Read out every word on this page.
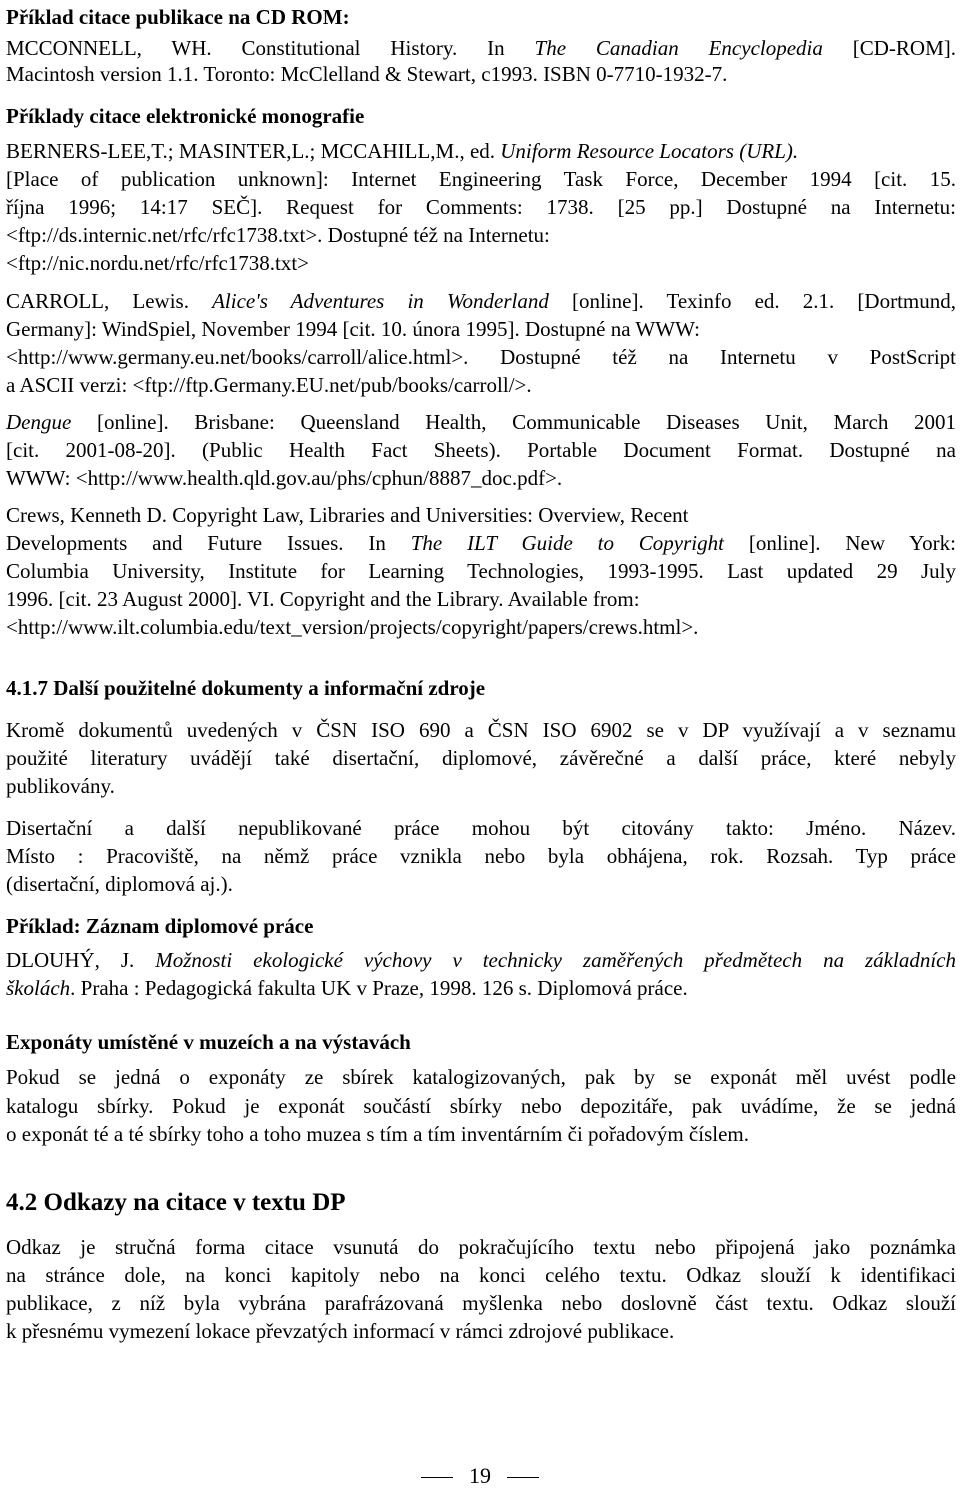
Příklad citace publikace na CD ROM:
MCCONNELL, WH. Constitutional History. In The Canadian Encyclopedia [CD-ROM].
Macintosh version 1.1. Toronto: McClelland & Stewart, c1993. ISBN 0-7710-1932-7.
Příklady citace elektronické monografie
BERNERS-LEE,T.; MASINTER,L.; MCCAHILL,M., ed. Uniform Resource Locators (URL).
[Place of publication unknown]: Internet Engineering Task Force, December 1994 [cit. 15.
října 1996; 14:17 SEČ]. Request for Comments: 1738. [25 pp.] Dostupné na Internetu:
<ftp://ds.internic.net/rfc/rfc1738.txt>. Dostupné též na Internetu:
<ftp://nic.nordu.net/rfc/rfc1738.txt>
CARROLL, Lewis. Alice's Adventures in Wonderland [online]. Texinfo ed. 2.1. [Dortmund,
Germany]: WindSpiel, November 1994 [cit. 10. února 1995]. Dostupné na WWW:
<http://www.germany.eu.net/books/carroll/alice.html>. Dostupné též na Internetu v PostScript
a ASCII verzi: <ftp://ftp.Germany.EU.net/pub/books/carroll/>.
Dengue [online]. Brisbane: Queensland Health, Communicable Diseases Unit, March 2001
[cit. 2001-08-20]. (Public Health Fact Sheets). Portable Document Format. Dostupné na
WWW: <http://www.health.qld.gov.au/phs/cphun/8887_doc.pdf>.
Crews, Kenneth D. Copyright Law, Libraries and Universities: Overview, Recent
Developments and Future Issues. In The ILT Guide to Copyright [online]. New York:
Columbia University, Institute for Learning Technologies, 1993-1995. Last updated 29 July
1996. [cit. 23 August 2000]. VI. Copyright and the Library. Available from:
<http://www.ilt.columbia.edu/text_version/projects/copyright/papers/crews.html>.
4.1.7 Další použitelné dokumenty a informační zdroje
Kromě dokumentů uvedených v ČSN ISO 690 a ČSN ISO 6902 se v DP využívají a v seznamu
použité literatury uvádějí také disertační, diplomové, závěrečné a další práce, které nebyly
publikovány.
Disertační a další nepublikované práce mohou být citovány takto: Jméno. Název.
Místo : Pracoviště, na němž práce vznikla nebo byla obhájena, rok. Rozsah. Typ práce
(disertační, diplomová aj.).
Příklad: Záznam diplomové práce
DLOUHÝ, J. Možnosti ekologické výchovy v technicky zaměřených předmětech na základních
školách. Praha : Pedagogická fakulta UK v Praze, 1998. 126 s. Diplomová práce.
Exponáty umístěné v muzeích a na výstavách
Pokud se jedná o exponáty ze sbírek katalogizovaných, pak by se exponát měl uvést podle
katalogu sbírky. Pokud je exponát součástí sbírky nebo depozitáře, pak uvádíme, že se jedná
o exponát té a té sbírky toho a toho muzea s tím a tím inventárním či pořadovým číslem.
4.2 Odkazy na citace v textu DP
Odkaz je stručná forma citace vsunutá do pokračujícího textu nebo připojená jako poznámka
na stránce dole, na konci kapitoly nebo na konci celého textu. Odkaz slouží k identifikaci
publikace, z níž byla vybrána parafrázovaná myšlenka nebo doslovně část textu. Odkaz slouží
k přesnému vymezení lokace převzatých informací v rámci zdrojové publikace.
19
